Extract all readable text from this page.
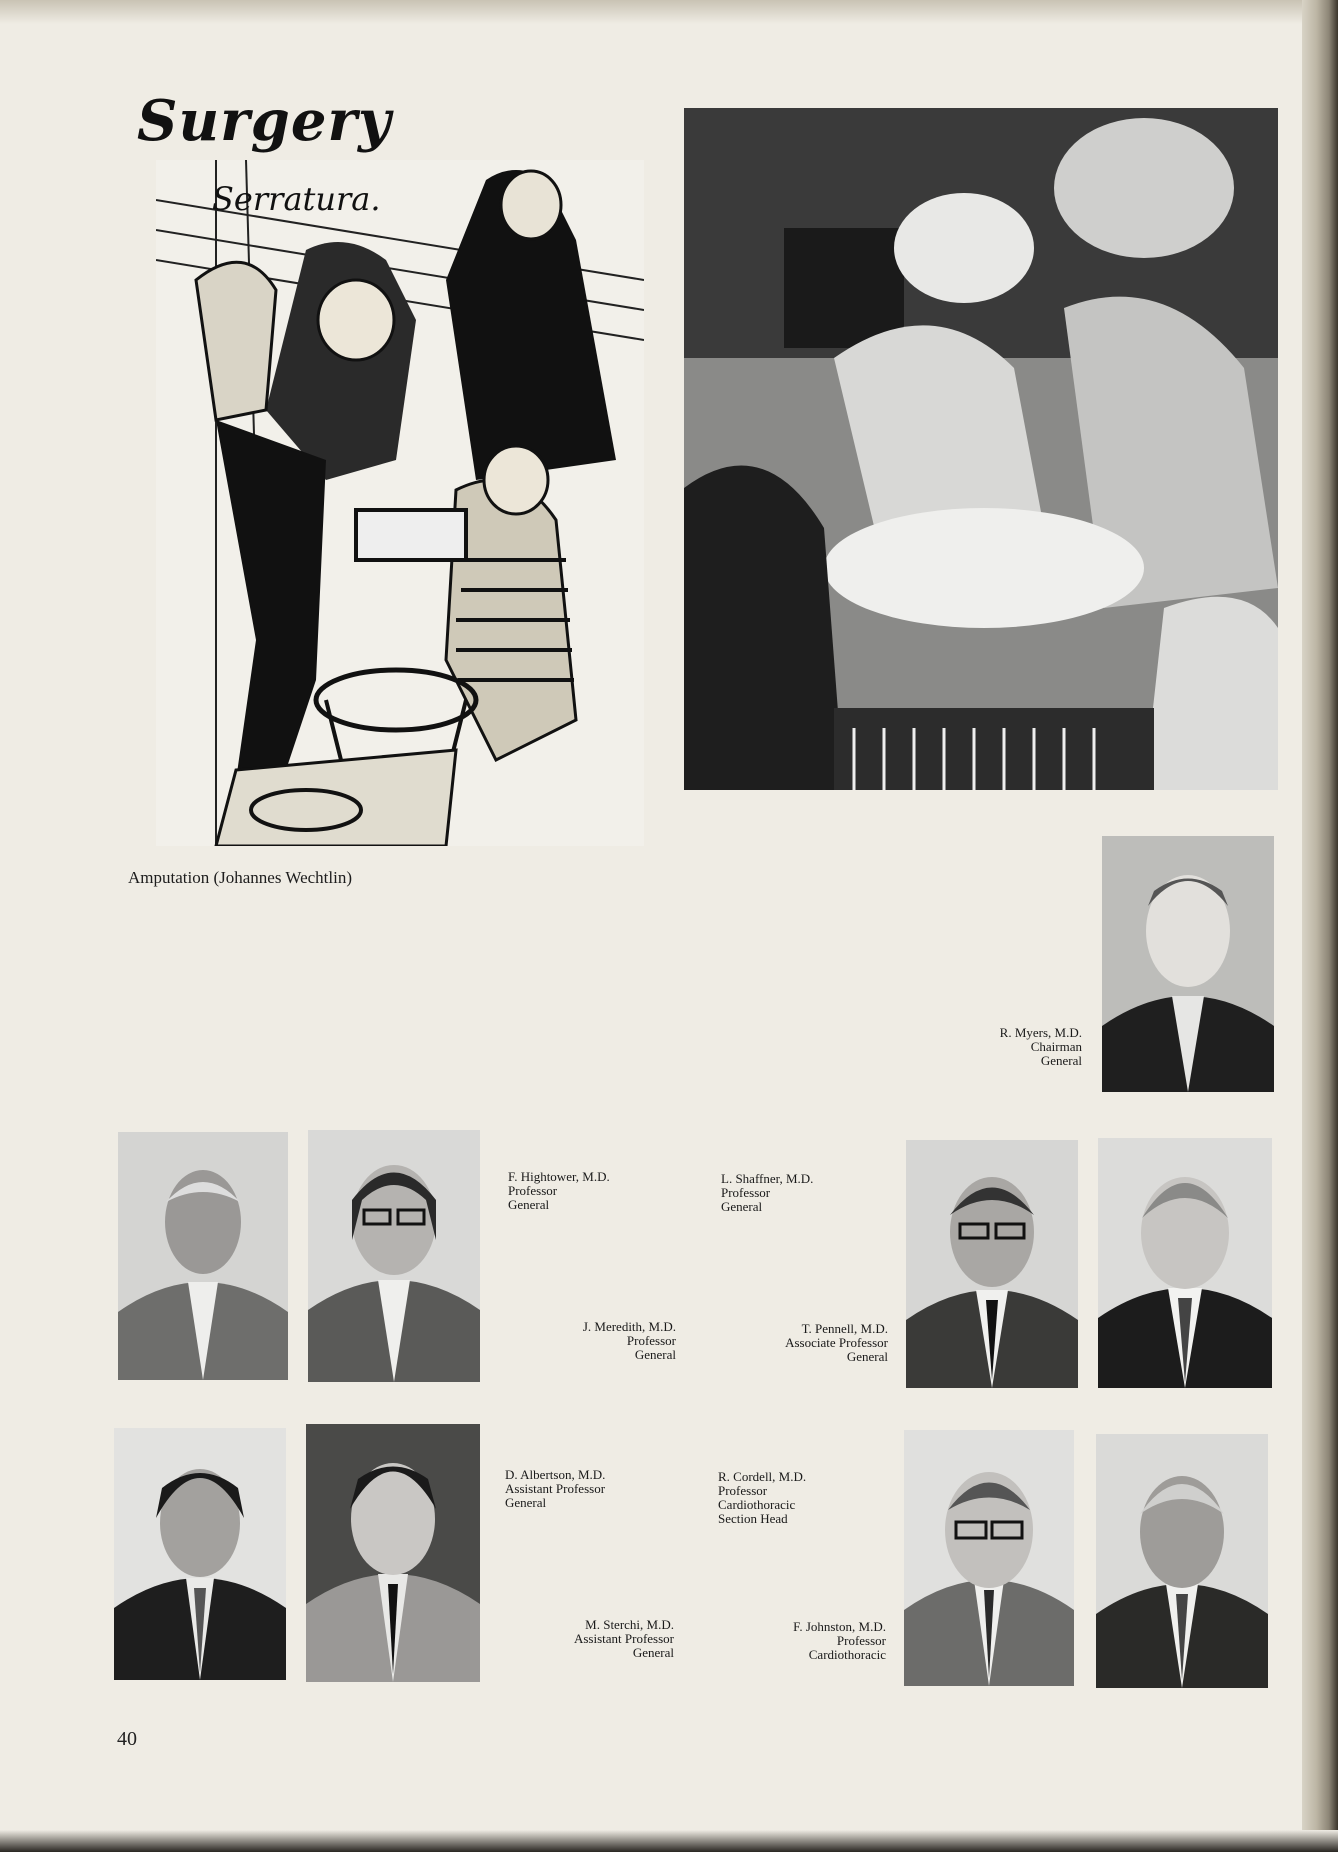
Surgery
Serratura.
Amputation (Johannes Wechtlin)
R. Myers, M.D.
Chairman
General
F. Hightower, M.D.
Professor
General
L. Shaffner, M.D.
Professor
General
J. Meredith, M.D.
Professor
General
T. Pennell, M.D.
Associate Professor
General
D. Albertson, M.D.
Assistant Professor
General
R. Cordell, M.D.
Professor
Cardiothoracic
Section Head
M. Sterchi, M.D.
Assistant Professor
General
F. Johnston, M.D.
Professor
Cardiothoracic
40
